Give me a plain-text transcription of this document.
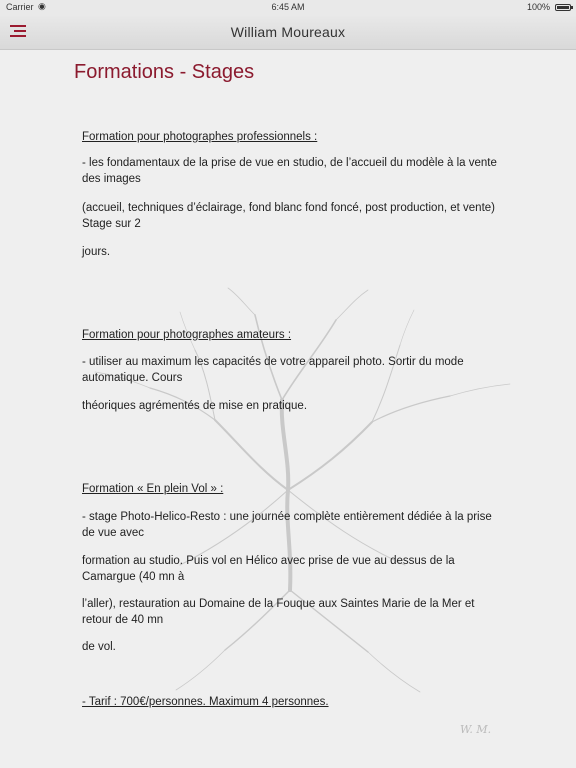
Carrier ◉	6:45 AM	100%
William Moureaux
Formations - Stages

Formation pour photographes professionnels :

- les fondamentaux de la prise de vue en studio, de l’accueil du modèle à la vente des images

(accueil, techniques d’éclairage, fond blanc fond foncé, post production, et vente) Stage sur 2

jours.

Formation pour photographes amateurs :

- utiliser au maximum les capacités de votre appareil photo. Sortir du mode automatique. Cours

théoriques agrémentés de mise en pratique.

Formation « En plein Vol » :

- stage Photo-Helico-Resto : une journée complète entièrement dédiée à la prise de vue avec

formation au studio. Puis vol en Hélico avec prise de vue au dessus de la Camargue (40 mn à

l’aller), restauration au Domaine de la Fouque aux Saintes Marie de la Mer et retour de 40 mn

de vol.

- Tarif : 700€/personnes. Maximum 4 personnes.

W. M.
